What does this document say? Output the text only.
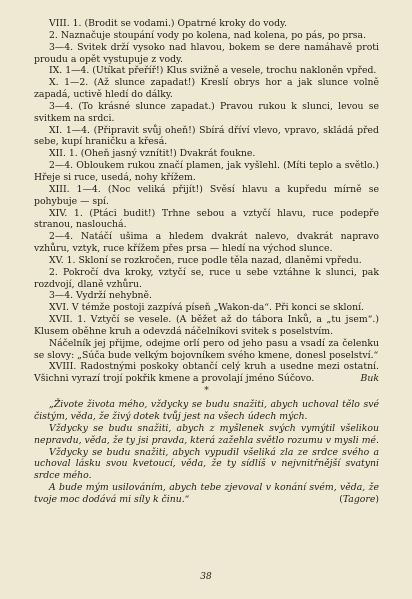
VIII. 1. (Brodit se vodami.) Opatrné kroky do vody.

2. Naznačuje stoupání vody po kolena, nad kolena, po pás, po prsa.

3—4. Svitek drží vysoko nad hlavou, bokem se dere namáhavě proti proudu a opět vystupuje z vody.

IX. 1—4. (Utíkat přeříř!) Klus svižně a vesele, trochu nakloněn vpřed.

X. 1—2. (Až slunce zapadat!) Kreslí obrys hor a jak slunce volně zapadá, uctivě hledí do dálky.

3—4. (To krásné slunce zapadat.) Pravou rukou k slunci, levou se svitkem na srdci.

XI. 1—4. (Připravit svůj oheň!) Sbírá dříví vlevo, vpravo, skládá před sebe, kupí hraničku a křesá.

XII. 1. (Oheň jasný vznítit!) Dvakrát foukne.

2—4. Obloukem rukou značí plamen, jak vyšlehl. (Míti teplo a světlo.) Hřeje si ruce, usedá, nohy křížem.

XIII. 1—4. (Noc veliká přijít!) Svěsí hlavu a kupředu mírně se pohybuje — spí.

XIV. 1. (Ptáci budit!) Trhne sebou a vztyčí hlavu, ruce podepře stranou, naslouchá.

2—4. Natáčí ušima a hledem dvakrát nalevo, dvakrát napravo vzhůru, vztyk, ruce křížem přes prsa — hledí na východ slunce.

XV. 1. Skloní se rozkročen, ruce podle těla nazad, dlaněmi vpředu.

2. Pokročí dva kroky, vztyčí se, ruce u sebe vztáhne k slunci, pak rozdvojí, dlaně vzhůru.

3—4. Vydrží nehybně.

XVI. V témže postoji zazpívá píseň „Wakon-da“. Při konci se skloní.

XVII. 1. Vztyčí se vesele. (A běžet až do tábora Inků, a „tu jsem“.) Klusem oběhne kruh a odevzdá náčelníkovi svitek s poselstvím.

Náčelník jej přijme, odejme orlí pero od jeho pasu a vsadí za čelenku se slovy: „Súča bude velkým bojovníkem svého kmene, donesl poselství.“

XVIII. Radostnými poskoky obtančí celý kruh a usedne mezi ostatní. Všichni vyrazí trojí pokřik kmene a provolají jméno Súčovo.	Buk

*

„Živote života mého, vždycky se budu snažiti, abych uchoval tělo své čistým, věda, že živý dotek tvůj jest na všech údech mých.

Vždycky se budu snažiti, abych z myšlenek svých vymýtil všelikou nepravdu, věda, že ty jsi pravda, která zažehla světlo rozumu v mysli mé.

Vždycky se budu snažiti, abych vypudil všeliká zla ze srdce svého a uchoval lásku svou kvetoucí, věda, že ty sídlíš v nejvnitřnější svatyni srdce mého.

A bude mým usilováním, abych tebe zjevoval v konání svém, věda, že tvoje moc dodává mi síly k činu.“
(	Tagore )

38
